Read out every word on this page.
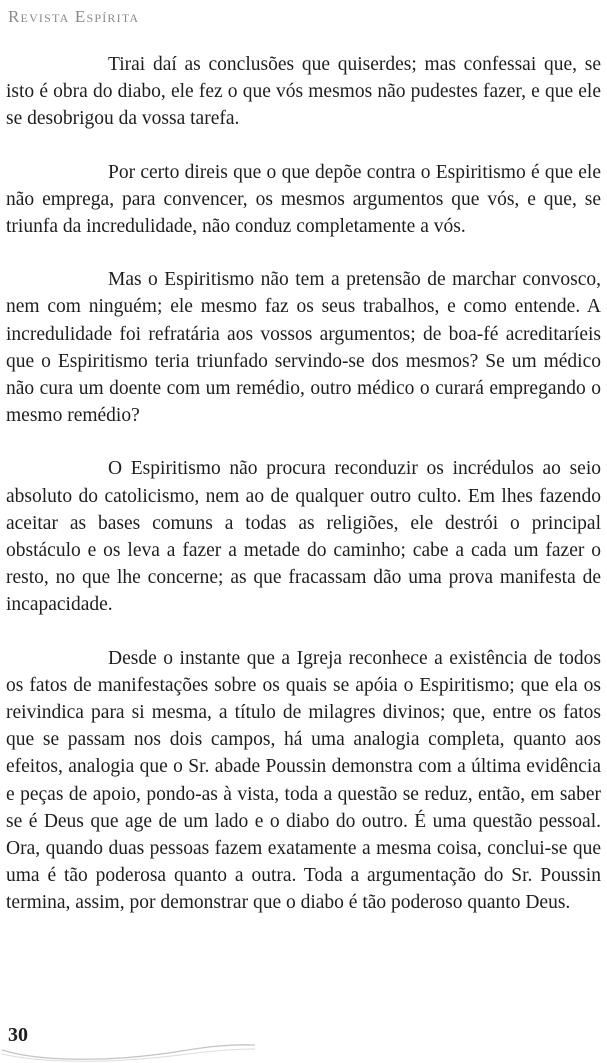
Revista Espírita

Tirai daí as conclusões que quiserdes; mas confessai que, se isto é obra do diabo, ele fez o que vós mesmos não pudestes fazer, e que ele se desobrigou da vossa tarefa.

Por certo direis que o que depõe contra o Espiritismo é que ele não emprega, para convencer, os mesmos argumentos que vós, e que, se triunfa da incredulidade, não conduz completamente a vós.

Mas o Espiritismo não tem a pretensão de marchar convosco, nem com ninguém; ele mesmo faz os seus trabalhos, e como entende. A incredulidade foi refratária aos vossos argumentos; de boa-fé acreditaríeis que o Espiritismo teria triunfado servindo-se dos mesmos? Se um médico não cura um doente com um remédio, outro médico o curará empregando o mesmo remédio?

O Espiritismo não procura reconduzir os incrédulos ao seio absoluto do catolicismo, nem ao de qualquer outro culto. Em lhes fazendo aceitar as bases comuns a todas as religiões, ele destrói o principal obstáculo e os leva a fazer a metade do caminho; cabe a cada um fazer o resto, no que lhe concerne; as que fracassam dão uma prova manifesta de incapacidade.

Desde o instante que a Igreja reconhece a existência de todos os fatos de manifestações sobre os quais se apóia o Espiritismo; que ela os reivindica para si mesma, a título de milagres divinos; que, entre os fatos que se passam nos dois campos, há uma analogia completa, quanto aos efeitos, analogia que o Sr. abade Poussin demonstra com a última evidência e peças de apoio, pondo-as à vista, toda a questão se reduz, então, em saber se é Deus que age de um lado e o diabo do outro. É uma questão pessoal. Ora, quando duas pessoas fazem exatamente a mesma coisa, conclui-se que uma é tão poderosa quanto a outra. Toda a argumentação do Sr. Poussin termina, assim, por demonstrar que o diabo é tão poderoso quanto Deus.

30
